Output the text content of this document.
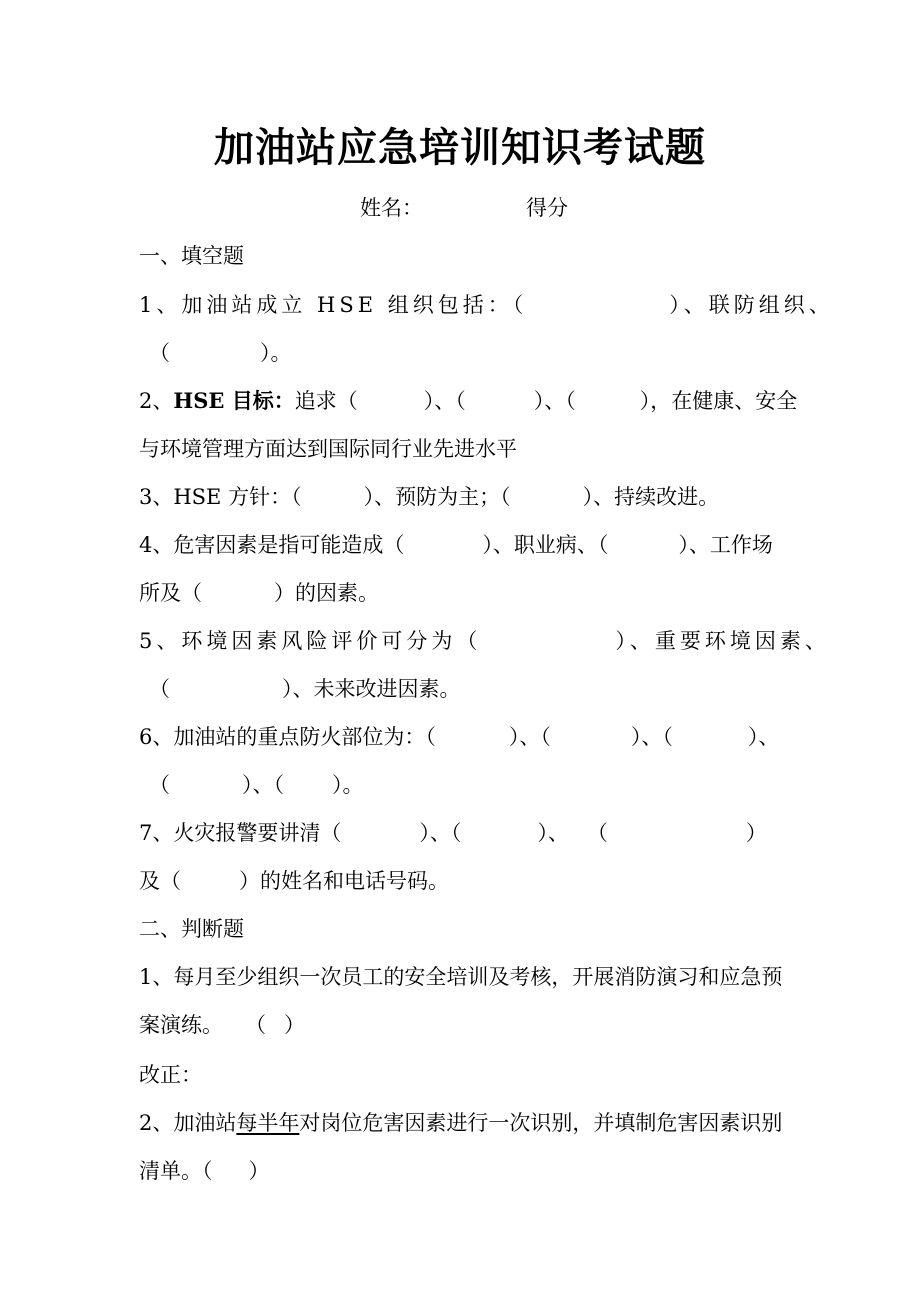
加油站应急培训知识考试题
姓名：	得分
一、填空题
1、加油站成立 HSE 组织包括：（	）、联防组织、
（	）。
2、HSE 目标：追求（	）、（	）、（	），在健康、安全
与环境管理方面达到国际同行业先进水平
3、HSE 方针：（	）、预防为主；（	）、持续改进。
4、危害因素是指可能造成（	）、职业病、（	）、工作场
所及（	）的因素。
5、环境因素风险评价可分为（	）、重要环境因素、
（	）、未来改进因素。
6、加油站的重点防火部位为：（	）、（	）、（	）、
（	）、（ ）。
7、火灾报警要讲清（	）、（	）、 （	）
及（	）的姓名和电话号码。
二、判断题
1、每月至少组织一次员工的安全培训及考核，开展消防演习和应急预
案演练。 （ ）
改正：
2、加油站每半年对岗位危害因素进行一次识别，并填制危害因素识别
清单。（ ）
